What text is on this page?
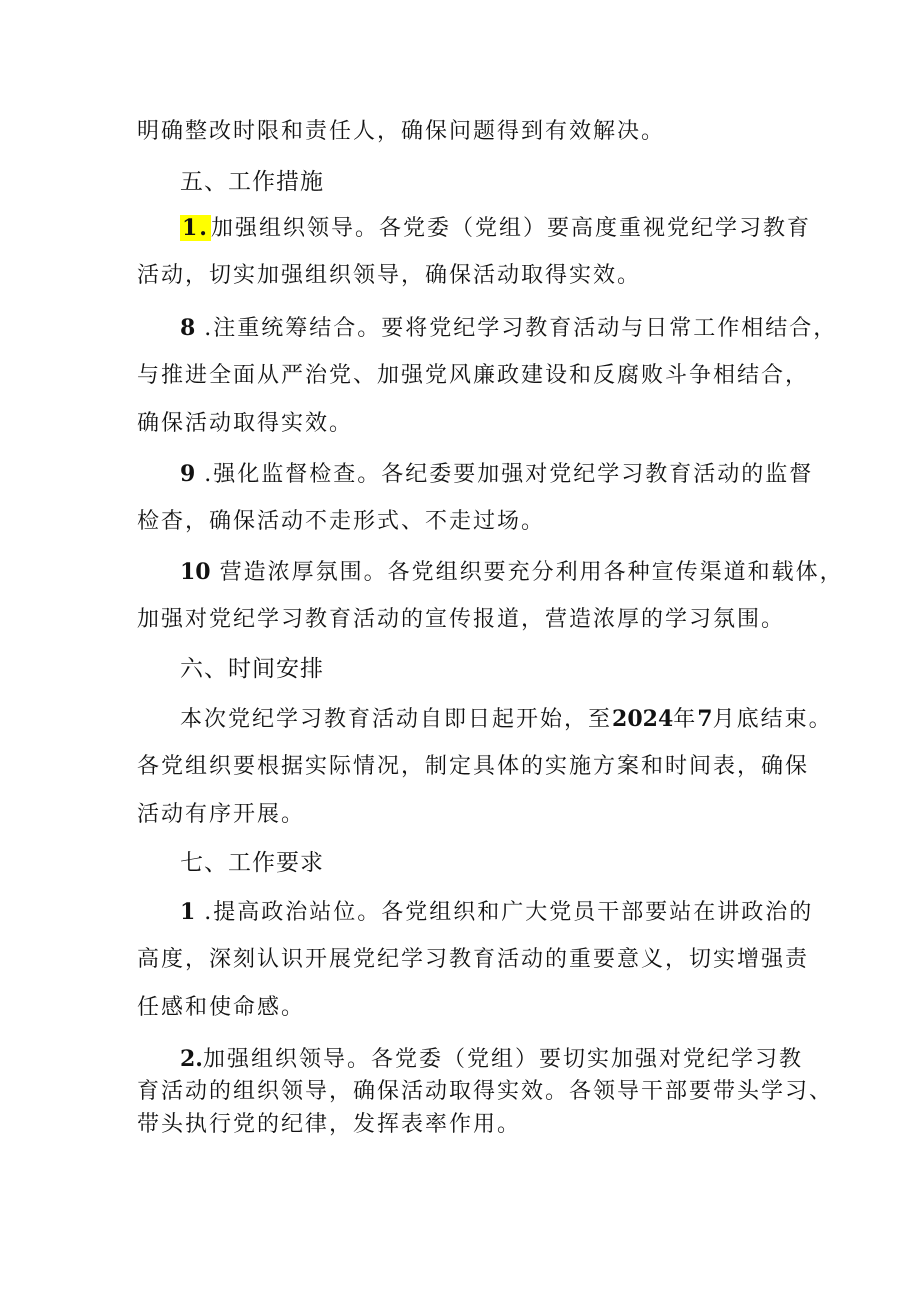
明确整改时限和责任人，确保问题得到有效解决。
五、工作措施
1.加强组织领导。各党委（党组）要高度重视党纪学习教育
活动，切实加强组织领导，确保活动取得实效。
8 .注重统筹结合。要将党纪学习教育活动与日常工作相结合，
与推进全面从严治党、加强党风廉政建设和反腐败斗争相结合，
确保活动取得实效。
9 .强化监督检查。各纪委要加强对党纪学习教育活动的监督
检杳，确保活动不走形式、不走过场。
10 营造浓厚氛围。各党组织要充分利用各种宣传渠道和载体，
加强对党纪学习教育活动的宣传报道，营造浓厚的学习氛围。
六、时间安排
本次党纪学习教育活动自即日起开始，至2024年7月底结束。
各党组织要根据实际情况，制定具体的实施方案和时间表，确保
活动有序开展。
七、工作要求
1 .提高政治站位。各党组织和广大党员干部要站在讲政治的
高度，深刻认识开展党纪学习教育活动的重要意义，切实增强责
任感和使命感。
2.加强组织领导。各党委（党组）要切实加强对党纪学习教
育活动的组织领导，确保活动取得实效。各领导干部要带头学习、
带头执行党的纪律，发挥表率作用。
